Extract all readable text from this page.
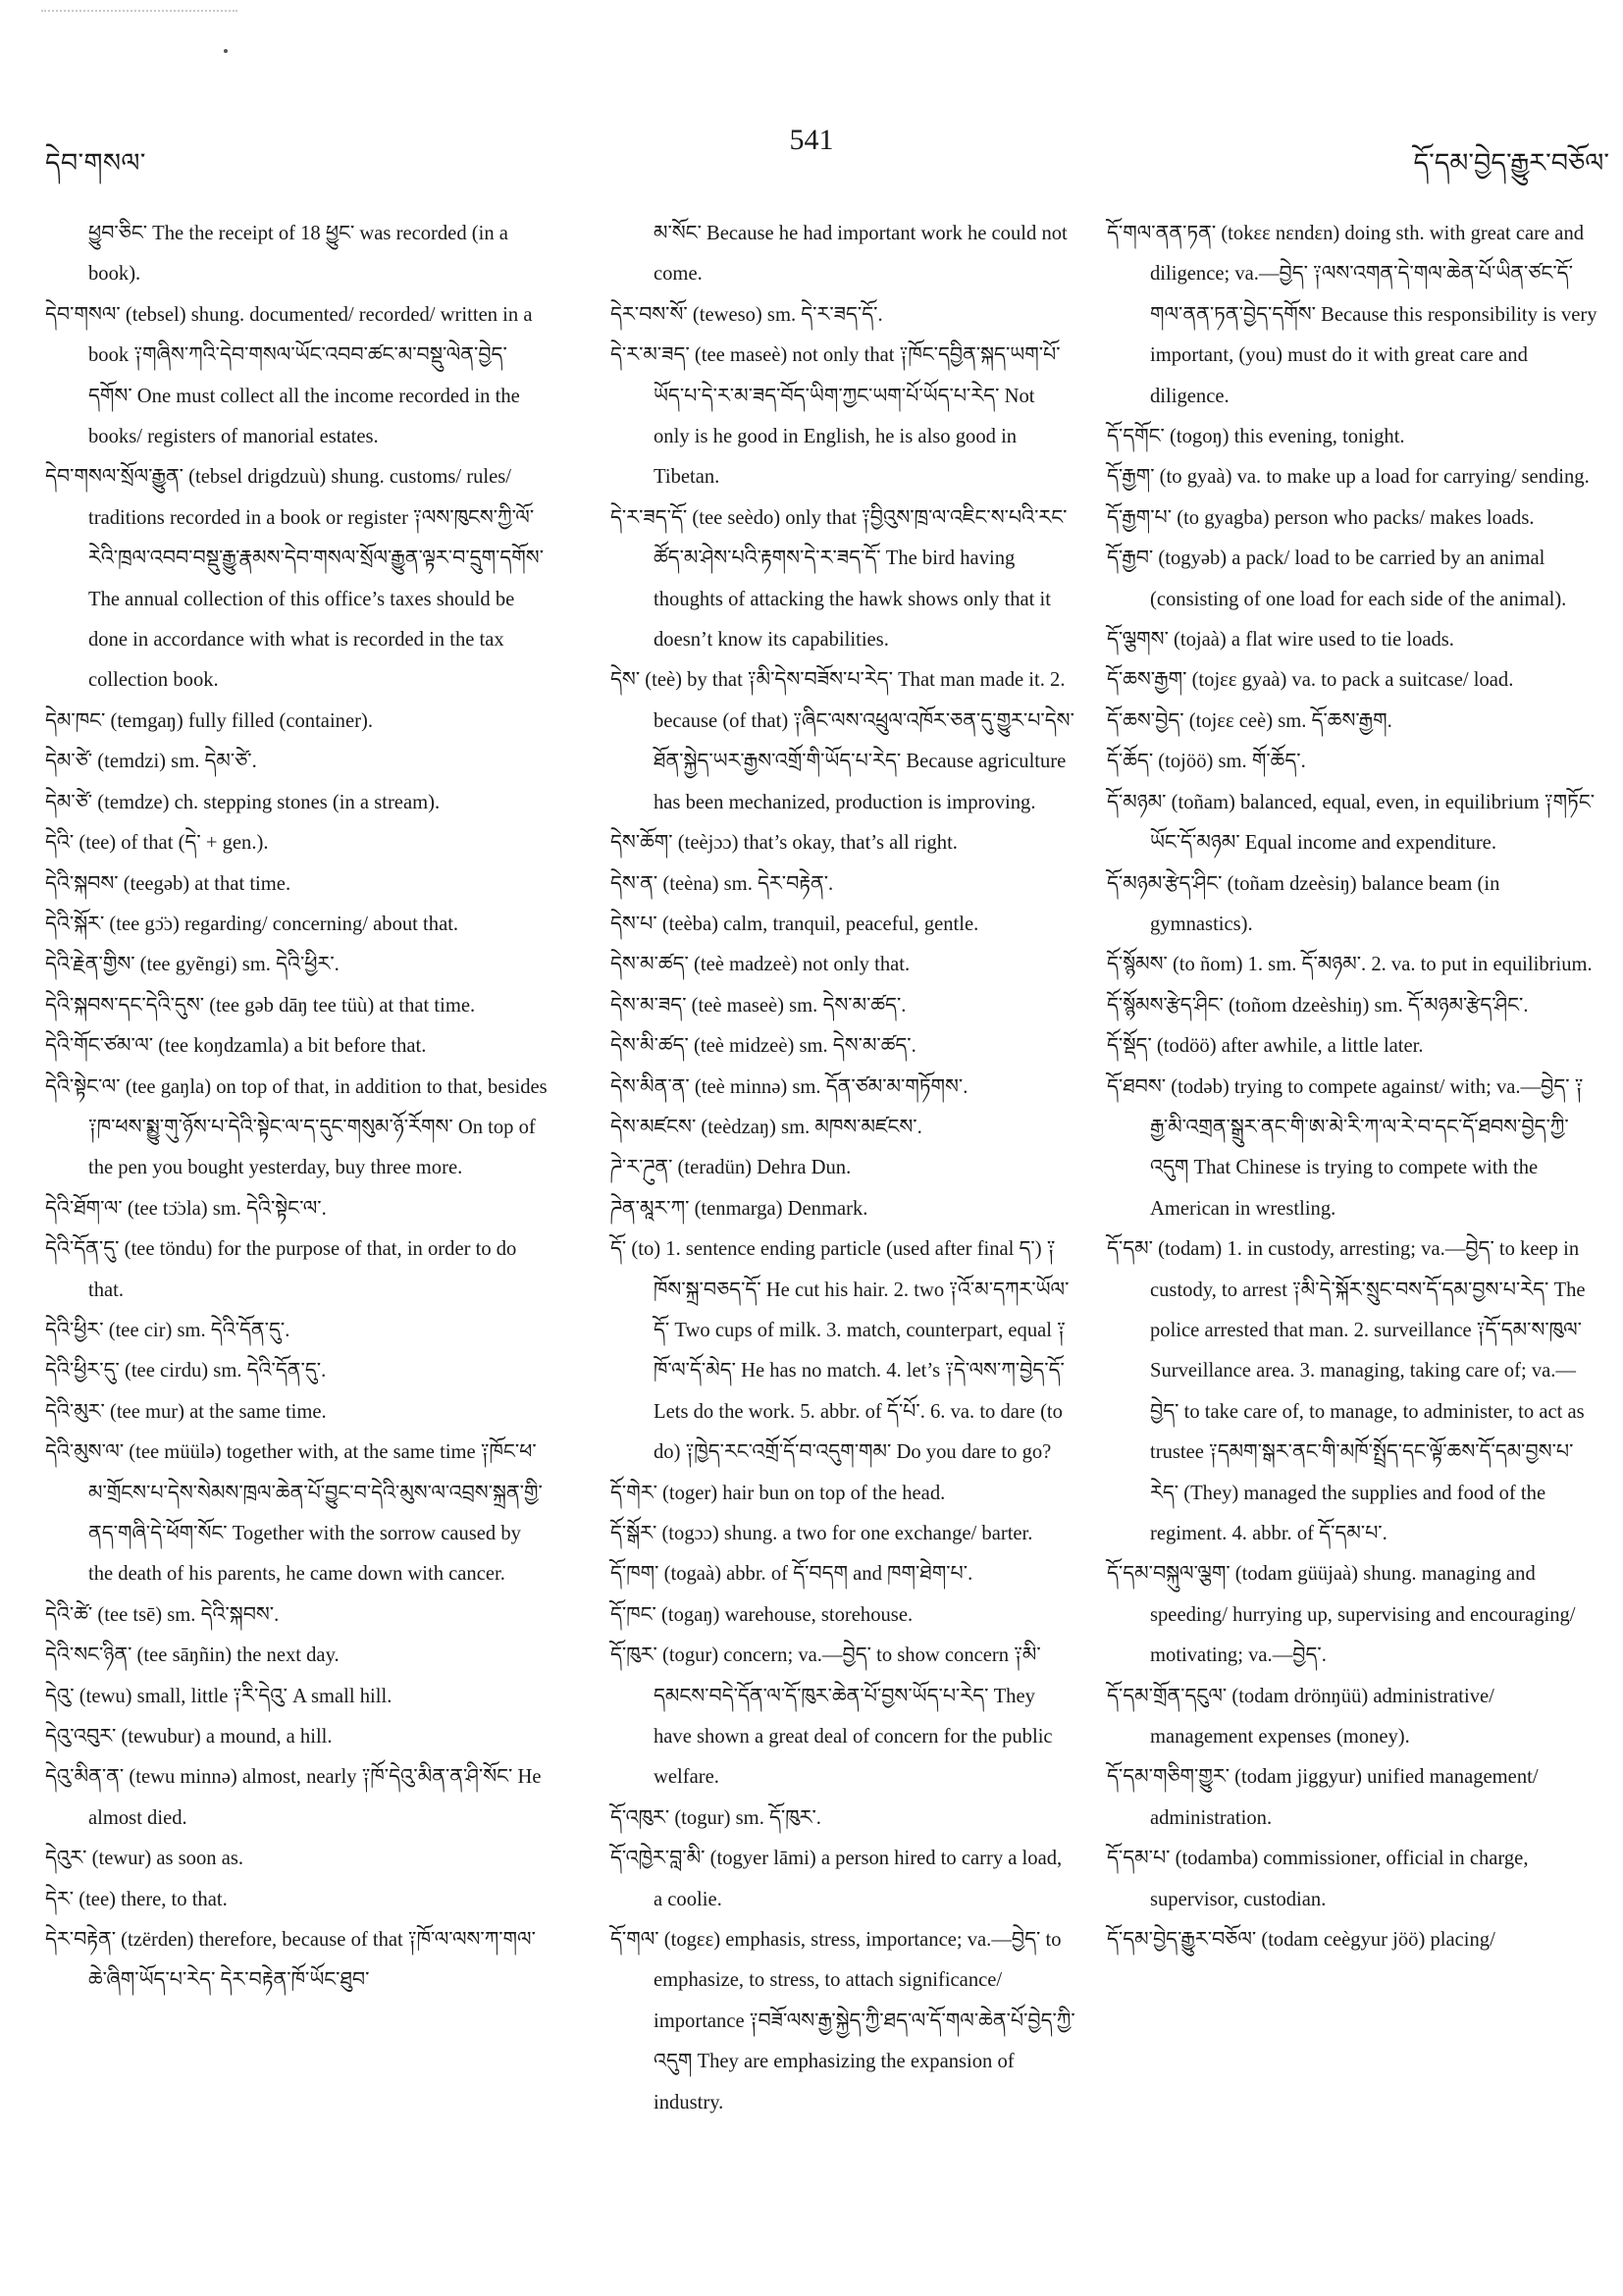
དེབ་གསལ་
541
དོ་དམ་བྱེད་རྒྱུར་བཅོལ་

ཕྱུབ་ཅིང་ The the receipt of 18 ཕྱུང་ was recorded (in a book).

དེབ་གསལ་ (tebsel) shung. documented/ recorded/ written in a book ༑གཞིས་ཀའི་དེབ་གསལ་ཡོང་འབབ་ཚང་མ་བསྡུ་ལེན་བྱེད་དགོས་ One must collect all the income recorded in the books/ registers of manorial estates.

དེབ་གསལ་སྲོལ་རྒྱུན་ (tebsel drigdzuù) shung. customs/ rules/ traditions recorded in a book or register ༑ལས་ཁུངས་ཀྱི་ལོ་རེའི་ཁྲལ་འབབ་བསྡུ་རྒྱུ་རྣམས་དེབ་གསལ་སྲོལ་རྒྱུན་ལྟར་བ་དྲུག་དགོས་ The annual collection of this office’s taxes should be done in accordance with what is recorded in the tax collection book.

དེམ་ཁང་ (temgaŋ) fully filled (container).

དེམ་ཙེ་ (temdzi) sm. དེམ་ཙེ་.

དེམ་ཙེ་ (temdze) ch. stepping stones (in a stream).

དེའི་ (tee) of that (དེ་ + gen.).

དེའི་སྐབས་ (teegəb) at that time.

དེའི་སྐོར་ (tee gɔ̈ɔ) regarding/ concerning/ about that.

དེའི་རྗེན་གྱིས་ (tee gyẽngi) sm. དེའི་ཕྱིར་.

དེའི་སྐབས་དང་དེའི་དུས་ (tee gəb dāŋ tee tüù) at that time.

དེའི་གོང་ཙམ་ལ་ (tee koŋdzamla) a bit before that.

དེའི་སྟེང་ལ་ (tee gaŋla) on top of that, in addition to that, besides ༑ཁ་ཕས་སྨྱུ་གུ་ཉོས་པ་དེའི་སྟེང་ལ་ད་དུང་གསུམ་ཉོ་རོགས་ On top of the pen you bought yesterday, buy three more.

དེའི་ཐོག་ལ་ (tee tɔ̈ɔla) sm. དེའི་སྟེང་ལ་.

དེའི་དོན་དུ་ (tee töndu) for the purpose of that, in order to do that.

དེའི་ཕྱིར་ (tee cir) sm. དེའི་དོན་དུ་.

དེའི་ཕྱིར་དུ་ (tee cirdu) sm. དེའི་དོན་དུ་.

དེའི་མུར་ (tee mur) at the same time.

དེའི་མུས་ལ་ (tee müülə) together with, at the same time ༑ཁོང་ཕ་མ་གྲོངས་པ་དེས་སེམས་ཁྲལ་ཆེན་པོ་བྱུང་བ་དེའི་མུས་ལ་འབྲས་སྐྲན་གྱི་ནད་གཞི་དེ་ཕོག་སོང་ Together with the sorrow caused by the death of his parents, he came down with cancer.

དེའི་ཚེ་ (tee tsē) sm. དེའི་སྐབས་.

དེའི་སང་ཉིན་ (tee sāŋñin) the next day.

དེའུ་ (tewu) small, little ༑རི་དེའུ་ A small hill.

དེའུ་འབུར་ (tewubur) a mound, a hill.

དེའུ་མིན་ན་ (tewu minnə) almost, nearly ༑ཁོ་དེའུ་མིན་ན་ཤི་སོང་ He almost died.

དེའུར་ (tewur) as soon as.

དེར་ (tee) there, to that.

དེར་བརྟེན་ (tzërden) therefore, because of that ༑ཁོ་ལ་ལས་ཀ་གལ་ཆེ་ཞིག་ཡོད་པ་རེད་ དེར་བརྟེན་ཁོ་ཡོང་ཐུབ་

མ་སོང་ Because he had important work he could not come.

དེར་བས་སོ་ (teweso) sm. དེ་ར་ཟད་དོ་.

དེ་ར་མ་ཟད་ (tee maseè) not only that ༑ཁོང་དབྱིན་སྐད་ཡག་པོ་ཡོད་པ་དེ་ར་མ་ཟད་བོད་ཡིག་ཀྱང་ཡག་པོ་ཡོད་པ་རེད་ Not only is he good in English, he is also good in Tibetan.

དེ་ར་ཟད་དོ་ (tee seèdo) only that ༑བྱིའུས་ཁྲ་ལ་འཇིང་ས་པའི་རང་ཚོད་མ་ཤེས་པའི་རྟགས་དེ་ར་ཟད་དོ་ The bird having thoughts of attacking the hawk shows only that it doesn’t know its capabilities.

དེས་ (teè) by that ༑མི་དེས་བཟོས་པ་རེད་ That man made it. 2. because (of that) ༑ཞིང་ལས་འཕྲུལ་འཁོར་ཅན་དུ་གྱུར་པ་དེས་ཐོན་སྐྱེད་ཡར་རྒྱས་འགྲོ་གི་ཡོད་པ་རེད་ Because agriculture has been mechanized, production is improving.

དེས་ཆོག་ (teèjɔɔ) that’s okay, that’s all right.

དེས་ན་ (teèna) sm. དེར་བརྟེན་.

དེས་པ་ (teèba) calm, tranquil, peaceful, gentle.

དེས་མ་ཚད་ (teè madzeè) not only that.

དེས་མ་ཟད་ (teè maseè) sm. དེས་མ་ཚད་.

དེས་མི་ཚད་ (teè midzeè) sm. དེས་མ་ཚད་.

དེས་མིན་ན་ (teè minnə) sm. དོན་ཙམ་མ་གཏོགས་.

དེས་མཛངས་ (teèdzaŋ) sm. མཁས་མཛངས་.

ཌེ་ར་ཌུན་ (teradün) Dehra Dun.

ཌེན་མཱར་ཀ་ (tenmarga) Denmark.

དོ་ (to) 1. sentence ending particle (used after final ད་) ༑ཁོས་སྐྲ་བཅད་དོ་ He cut his hair. 2. two ༑འོ་མ་དཀར་ཡོལ་དོ་ Two cups of milk. 3. match, counterpart, equal ༑ཁོ་ལ་དོ་མེད་ He has no match. 4. let’s ༑དེ་ལས་ཀ་བྱེད་དོ་ Lets do the work. 5. abbr. of དོ་པོ་. 6. va. to dare (to do) ༑ཁྱེད་རང་འགྲོ་དོ་བ་འདུག་གམ་ Do you dare to go?

དོ་གེར་ (toger) hair bun on top of the head.

དོ་སྒོར་ (togɔɔ) shung. a two for one exchange/ barter.

དོ་ཁག་ (togaà) abbr. of དོ་བདག and ཁག་ཐེག་པ་.

དོ་ཁང་ (togaŋ) warehouse, storehouse.

དོ་ཁུར་ (togur) concern; va.—བྱེད་ to show concern ༑མི་དམངས་བདེ་དོན་ལ་དོ་ཁུར་ཆེན་པོ་བྱས་ཡོད་པ་རེད་ They have shown a great deal of concern for the public welfare.

དོ་འཁུར་ (togur) sm. དོ་ཁུར་.

དོ་འཁྱེར་བླ་མི་ (togyer lāmi) a person hired to carry a load, a coolie.

དོ་གལ་ (togɛɛ) emphasis, stress, importance; va.—བྱེད་ to emphasize, to stress, to attach significance/ importance ༑བཟོ་ལས་རྒྱ་སྐྱེད་ཀྱི་ཐད་ལ་དོ་གལ་ཆེན་པོ་བྱེད་ཀྱི་འདུག They are emphasizing the expansion of industry.

དོ་གལ་ནན་ཏན་ (tokɛɛ nɛndɛn) doing sth. with great care and diligence; va.—བྱེད་ ༑ལས་འགན་དེ་གལ་ཆེན་པོ་ཡིན་ཙང་དོ་གལ་ནན་ཏན་བྱེད་དགོས་ Because this responsibility is very important, (you) must do it with great care and diligence.

དོ་དགོང་ (togoŋ) this evening, tonight.

དོ་རྒྱག་ (to gyaà) va. to make up a load for carrying/ sending.

དོ་རྒྱག་པ་ (to gyagba) person who packs/ makes loads.

དོ་རྒྱབ་ (togyəb) a pack/ load to be carried by an animal (consisting of one load for each side of the animal).

དོ་ལྕགས་ (tojaà) a flat wire used to tie loads.

དོ་ཆས་རྒྱག་ (tojɛɛ gyaà) va. to pack a suitcase/ load.

དོ་ཆས་བྱེད་ (tojɛɛ ceè) sm. དོ་ཆས་རྒྱག.

དོ་ཆོད་ (tojöö) sm. གོ་ཆོད་.

དོ་མཉམ་ (toñam) balanced, equal, even, in equilibrium ༑གཏོང་ཡོང་དོ་མཉམ་ Equal income and expenditure.

དོ་མཉམ་རྩེད་ཤིང་ (toñam dzeèsiŋ) balance beam (in gymnastics).

དོ་སྙོམས་ (to ñom) 1. sm. དོ་མཉམ་. 2. va. to put in equilibrium.

དོ་སྙོམས་རྩེད་ཤིང་ (toñom dzeèshiŋ) sm. དོ་མཉམ་རྩེད་ཤིང་.

དོ་སྡོད་ (todöö) after awhile, a little later.

དོ་ཐབས་ (todəb) trying to compete against/ with; va.—བྱེད་ ༑རྒྱ་མི་འགྲན་སྒྲུར་ནང་གི་ཨ་མེ་རི་ཀ་ལ་རེ་བ་དང་དོ་ཐབས་བྱེད་ཀྱི་འདུག That Chinese is trying to compete with the American in wrestling.

དོ་དམ་ (todam) 1. in custody, arresting; va.—བྱེད་ to keep in custody, to arrest ༑མི་དེ་སྐོར་སྲུང་བས་དོ་དམ་བྱས་པ་རེད་ The police arrested that man. 2. surveillance ༑དོ་དམ་ས་ཁུལ་ Surveillance area. 3. managing, taking care of; va.—བྱེད་ to take care of, to manage, to administer, to act as trustee ༑དམག་སྒར་ནང་གི་མཁོ་སྤྲོད་དང་ལྟོ་ཆས་དོ་དམ་བྱས་པ་རེད་ (They) managed the supplies and food of the regiment. 4. abbr. of དོ་དམ་པ་.

དོ་དམ་བསྐུལ་ལྕག་ (todam güüjaà) shung. managing and speeding/ hurrying up, supervising and encouraging/ motivating; va.—བྱེད་.

དོ་དམ་གྲོན་དངུལ་ (todam drönŋüü) administrative/ management expenses (money).

དོ་དམ་གཅིག་གྱུར་ (todam jiggyur) unified management/ administration.

དོ་དམ་པ་ (todamba) commissioner, official in charge, supervisor, custodian.

དོ་དམ་བྱེད་རྒྱུར་བཅོལ་ (todam ceègyur jöö) placing/
